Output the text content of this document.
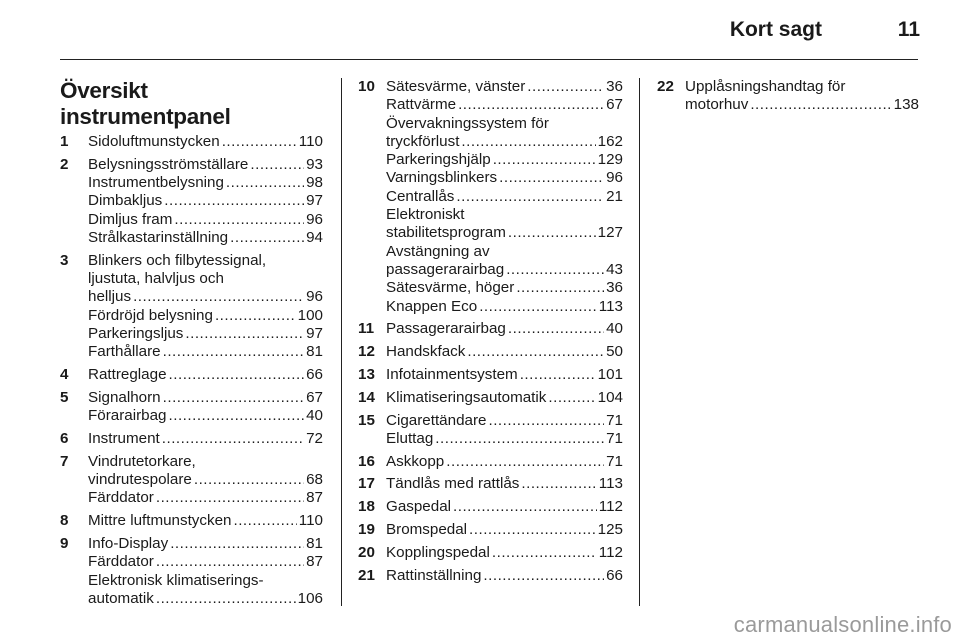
Kort sagt	11
Översikt instrumentpanel
1	Sidoluftmunstycken .....	110
2	Belysningsströmställare .....	93
Instrumentbelysning .....	98
Dimbakljus .....	97
Dimljus fram .....	96
Strålkastarinställning .....	94
3	Blinkers och filbytessignal,
ljustuta, halvljus och
helljus .....	96
Fördröjd belysning .....	100
Parkeringsljus .....	97
Farthållare .....	81
4	Rattreglage .....	66
5	Signalhorn .....	67
Förarairbag .....	40
6	Instrument .....	72
7	Vindrutetorkare,
vindrutespolare .....	68
Färddator .....	87
8	Mittre luftmunstycken .....	110
9	Info-Display .....	81
Färddator .....	87
Elektronisk klimatiserings-
automatik .....	106
10 Sätesvärme, vänster .....	36
Rattvärme .....	67
Övervakningssystem för
tryckförlust .....	162
Parkeringshjälp .....	129
Varningsblinkers .....	96
Centrallås .....	21
Elektroniskt
stabilitetsprogram .....	127
Avstängning av
passagerarairbag .....	43
Sätesvärme, höger .....	36
Knappen Eco .....	113
11 Passagerarairbag .....	40
12 Handskfack .....	50
13 Infotainmentsystem .....	101
14 Klimatiseringsautomatik .....	104
15 Cigarettändare .....	71
Eluttag .....	71
16 Askkopp .....	71
17 Tändlås med rattlås .....	113
18 Gaspedal .....	112
19 Bromspedal .....	125
20 Kopplingspedal .....	112
21 Rattinställning .....	66
22 Upplåsningshandtag för
motorhuv .....	138
carmanualsonline.info
